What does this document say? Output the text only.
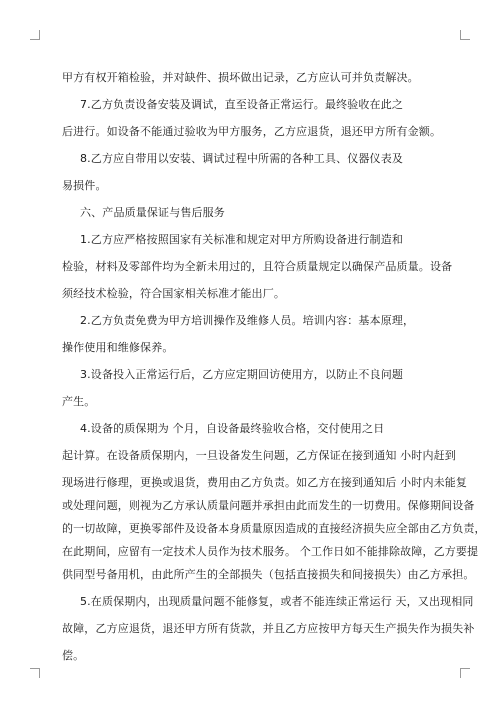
甲方有权开箱检验，并对缺件、损坏做出记录，乙方应认可并负责解决。
7.乙方负责设备安装及调试，直至设备正常运行。最终验收在此之
后进行。如设备不能通过验收为甲方服务，乙方应退货，退还甲方所有金额。
8.乙方应自带用以安装、调试过程中所需的各种工具、仪器仪表及
易损件。
六、产品质量保证与售后服务
1.乙方应严格按照国家有关标准和规定对甲方所购设备进行制造和
检验，材料及零部件均为全新未用过的，且符合质量规定以确保产品质量。设备
须经技术检验，符合国家相关标准才能出厂。
2.乙方负责免费为甲方培训操作及维修人员。培训内容：基本原理，
操作使用和维修保养。
3.设备投入正常运行后，乙方应定期回访使用方，以防止不良问题
产生。
4.设备的质保期为 个月，自设备最终验收合格，交付使用之日
起计算。在设备质保期内，一旦设备发生问题，乙方保证在接到通知 小时内赶到
现场进行修理，更换或退货，费用由乙方负责。如乙方在接到通知后 小时内未能复
或处理问题，则视为乙方承认质量问题并承担由此而发生的一切费用。保修期间设备
的一切故障，更换零部件及设备本身质量原因造成的直接经济损失应全部由乙方负责，
在此期间，应留有一定技术人员作为技术服务。 个工作日如不能排除故障，乙方要提
供同型号备用机，由此所产生的全部损失（包括直接损失和间接损失）由乙方承担。
5.在质保期内，出现质量问题不能修复，或者不能连续正常运行 天，又出现相同
故障，乙方应退货，退还甲方所有货款，并且乙方应按甲方每天生产损失作为损失补
偿。
